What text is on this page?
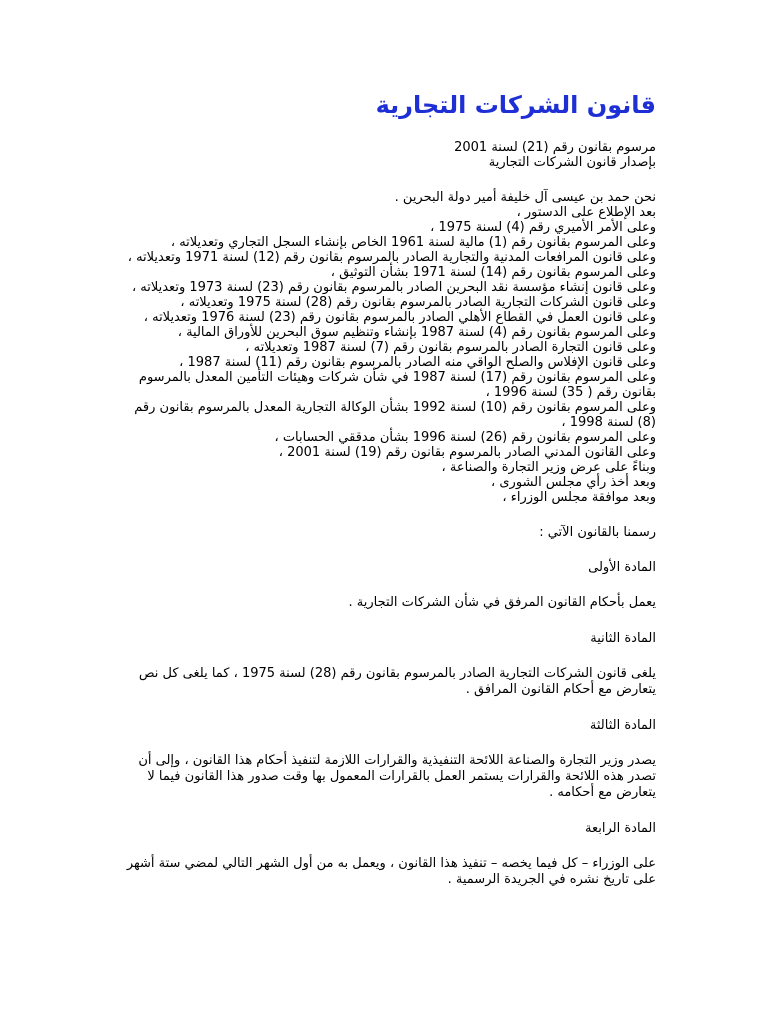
قانون الشركات التجارية

مرسوم بقانون رقم (21) لسنة 2001

بإصدار قانون الشركات التجارية

نحن حمد بن عيسى آل خليفة أمير دولة البحرين .

بعد الإطلاع على الدستور ،

وعلى الأمر الأميري رقم (4) لسنة 1975 ،

وعلى المرسوم بقانون رقم (1) مالية لسنة 1961 الخاص بإنشاء السجل التجاري وتعديلاته ،

وعلى قانون المرافعات المدنية والتجارية الصادر بالمرسوم بقانون رقم (12) لسنة 1971 وتعديلاته ،

وعلى المرسوم بقانون رقم (14) لسنة 1971 بشأن التوثيق ،

وعلى قانون إنشاء مؤسسة نقد البحرين الصادر بالمرسوم بقانون رقم (23) لسنة 1973 وتعديلاته ،

وعلى قانون الشركات التجارية الصادر بالمرسوم بقانون رقم (28) لسنة 1975 وتعديلاته ،

وعلى قانون العمل في القطاع الأهلي الصادر بالمرسوم بقانون رقم (23) لسنة 1976 وتعديلاته ،

وعلى المرسوم بقانون رقم (4) لسنة 1987 بإنشاء وتنظيم سوق البحرين للأوراق المالية ،

وعلى قانون التجارة الصادر بالمرسوم بقانون رقم (7) لسنة 1987 وتعديلاته ،

وعلى قانون الإفلاس والصلح الواقي منه الصادر بالمرسوم بقانون رقم (11) لسنة 1987 ،

وعلى المرسوم بقانون رقم (17) لسنة 1987 في شأن شركات وهيئات التأمين المعدل بالمرسوم بقانون رقم ( 35) لسنة 1996 ،

وعلى المرسوم بقانون رقم (10) لسنة 1992 بشأن الوكالة التجارية المعدل بالمرسوم بقانون رقم (8) لسنة 1998 ،

وعلى المرسوم بقانون رقم (26) لسنة 1996 بشأن مدققي الحسابات ،

وعلى القانون المدني الصادر بالمرسوم بقانون رقم (19) لسنة 2001 ،

وبناءً على عرض وزير التجارة والصناعة ،

وبعد أخذ رأي مجلس الشورى ،

وبعد موافقة مجلس الوزراء ،

رسمنا بالقانون الآتي :

المادة الأولى

يعمل بأحكام القانون المرفق في شأن الشركات التجارية .

المادة الثانية

يلغى قانون الشركات التجارية الصادر بالمرسوم بقانون رقم (28) لسنة 1975 ، كما يلغى كل نص يتعارض مع أحكام القانون المرافق .

المادة الثالثة

يصدر وزير التجارة والصناعة اللائحة التنفيذية والقرارات اللازمة لتنفيذ أحكام هذا القانون ، وإلى أن تصدر هذه اللائحة والقرارات يستمر العمل بالقرارات المعمول بها وقت صدور هذا القانون فيما لا يتعارض مع أحكامه .

المادة الرابعة

على الوزراء – كل فيما يخصه – تنفيذ هذا القانون ، ويعمل به من أول الشهر التالي لمضي ستة أشهر على تاريخ نشره في الجريدة الرسمية .
